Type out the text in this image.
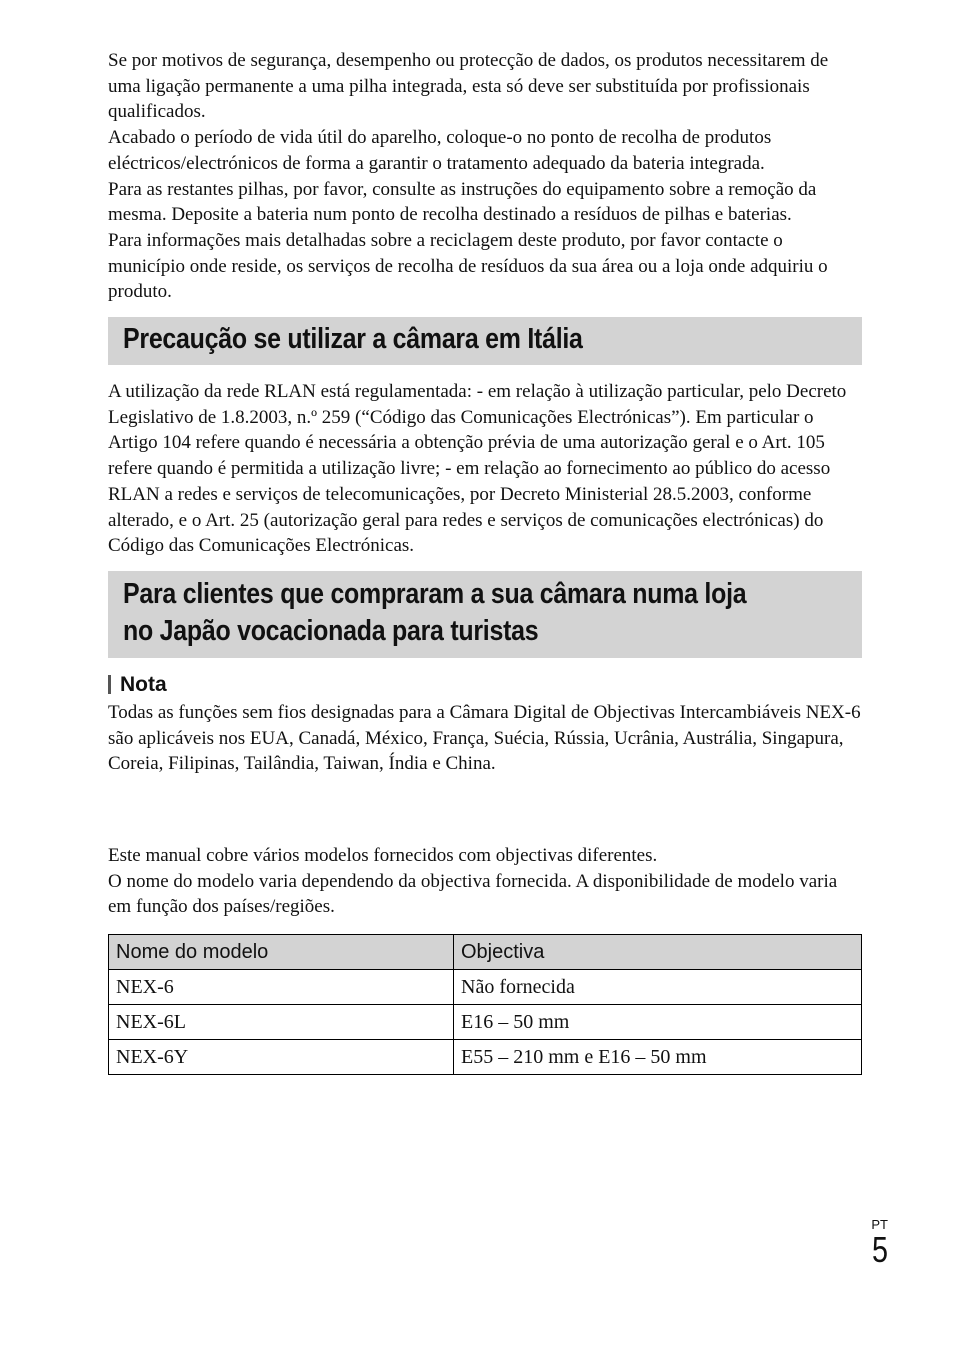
Se por motivos de segurança, desempenho ou protecção de dados, os produtos necessitarem de uma ligação permanente a uma pilha integrada, esta só deve ser substituída por profissionais qualificados.

Acabado o período de vida útil do aparelho, coloque-o no ponto de recolha de produtos eléctricos/electrónicos de forma a garantir o tratamento adequado da bateria integrada.

Para as restantes pilhas, por favor, consulte as instruções do equipamento sobre a remoção da mesma. Deposite a bateria num ponto de recolha destinado a resíduos de pilhas e baterias.

Para informações mais detalhadas sobre a reciclagem deste produto, por favor contacte o município onde reside, os serviços de recolha de resíduos da sua área ou a loja onde adquiriu o produto.

Precaução se utilizar a câmara em Itália

A utilização da rede RLAN está regulamentada: - em relação à utilização particular, pelo Decreto Legislativo de 1.8.2003, n.º 259 (“Código das Comunicações Electrónicas”). Em particular o Artigo 104 refere quando é necessária a obtenção prévia de uma autorização geral e o Art. 105 refere quando é permitida a utilização livre; - em relação ao fornecimento ao público do acesso RLAN a redes e serviços de telecomunicações, por Decreto Ministerial 28.5.2003, conforme alterado, e o Art. 25 (autorização geral para redes e serviços de comunicações electrónicas) do Código das Comunicações Electrónicas.

Para clientes que compraram a sua câmara numa loja
no Japão vocacionada para turistas
Nota

Todas as funções sem fios designadas para a Câmara Digital de Objectivas Intercambiáveis NEX-6 são aplicáveis nos EUA, Canadá, México, França, Suécia, Rússia, Ucrânia, Austrália, Singapura, Coreia, Filipinas, Tailândia, Taiwan, Índia e China.

Este manual cobre vários modelos fornecidos com objectivas diferentes.

O nome do modelo varia dependendo da objectiva fornecida. A disponibilidade de modelo varia em função dos países/regiões.

Nome do modelo	Objectiva
NEX-6	Não fornecida
NEX-6L	E16 – 50 mm
NEX-6Y	E55 – 210 mm e E16 – 50 mm
PT
5
